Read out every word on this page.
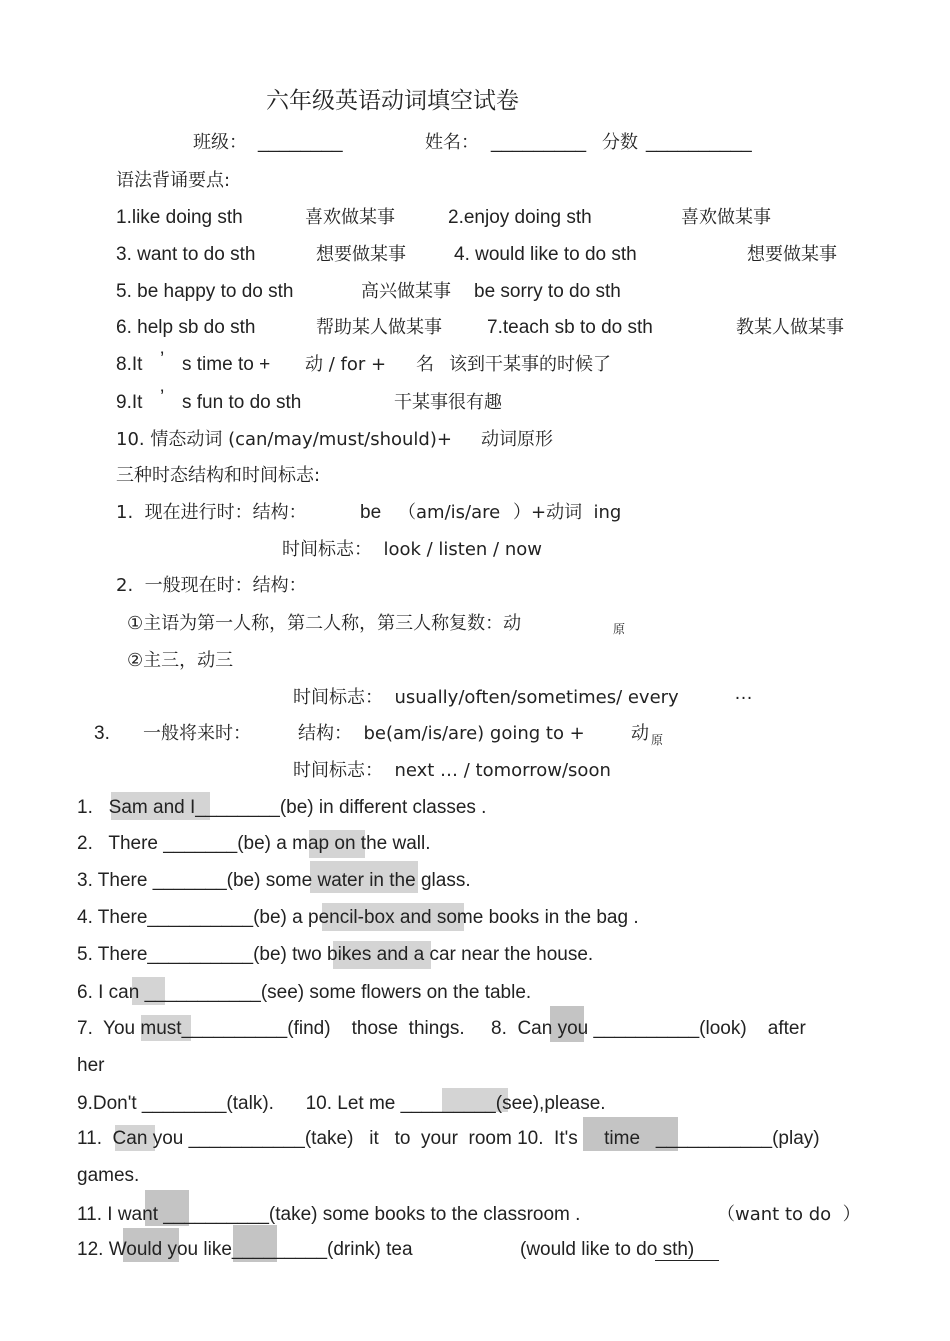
六年级英语动词填空试卷
班级： ________	姓名： _________ 分数 __________
语法背诵要点:
1.like doing sth	喜欢做某事	2.enjoy doing sth	喜欢做某事
3. want to do sth	想要做某事	4. would like to do sth	想要做某事
5. be happy to do sth	高兴做某事 be sorry to do sth
6. help sb do sth	帮助某人做某事 7.teach sb to do sth	教某人做某事
8.It ’ s time to + 动 / for + 名 该到干某事的时候了
9.It ’ s fun to do sth	干某事很有趣
10. 情态动词 (can/may/must/should)+ 动词原形
三种时态结构和时间标志:
1.  现在进行时：结构：	be （am/is/are ）+动词  ing
时间标志：  look / listen / now
2.  一般现在时：结构：
①主语为第一人称，第二人称，第三人称复数：动	原
②主三，动三
时间标志：  usually/often/sometimes/ every	…
3. 一般将来时：	结构：  be(am/is/are) going to +	动 原
时间标志：  next … / tomorrow/soon
1.   Sam and I________(be) in different classes .
2.   There _______(be) a map on the wall.
3. There _______(be) some water in the glass.
4. There__________(be) a pencil-box and some books in the bag .
5. There__________(be) two bikes and a car near the house.
6. I can ___________(see) some flowers on the table.
7.  You must__________(find)    those  things.     8.  Can you __________(look)    after
her
9.Don't ________(talk).      10. Let me _________(see),please.
11.  Can you ___________(take)   it   to  your  room 10.  It's     time   ___________(play)
games.
11. I want __________(take) some books to the classroom .	（want to do  ）
12. Would you like_________(drink) tea	(would like to do sth)
